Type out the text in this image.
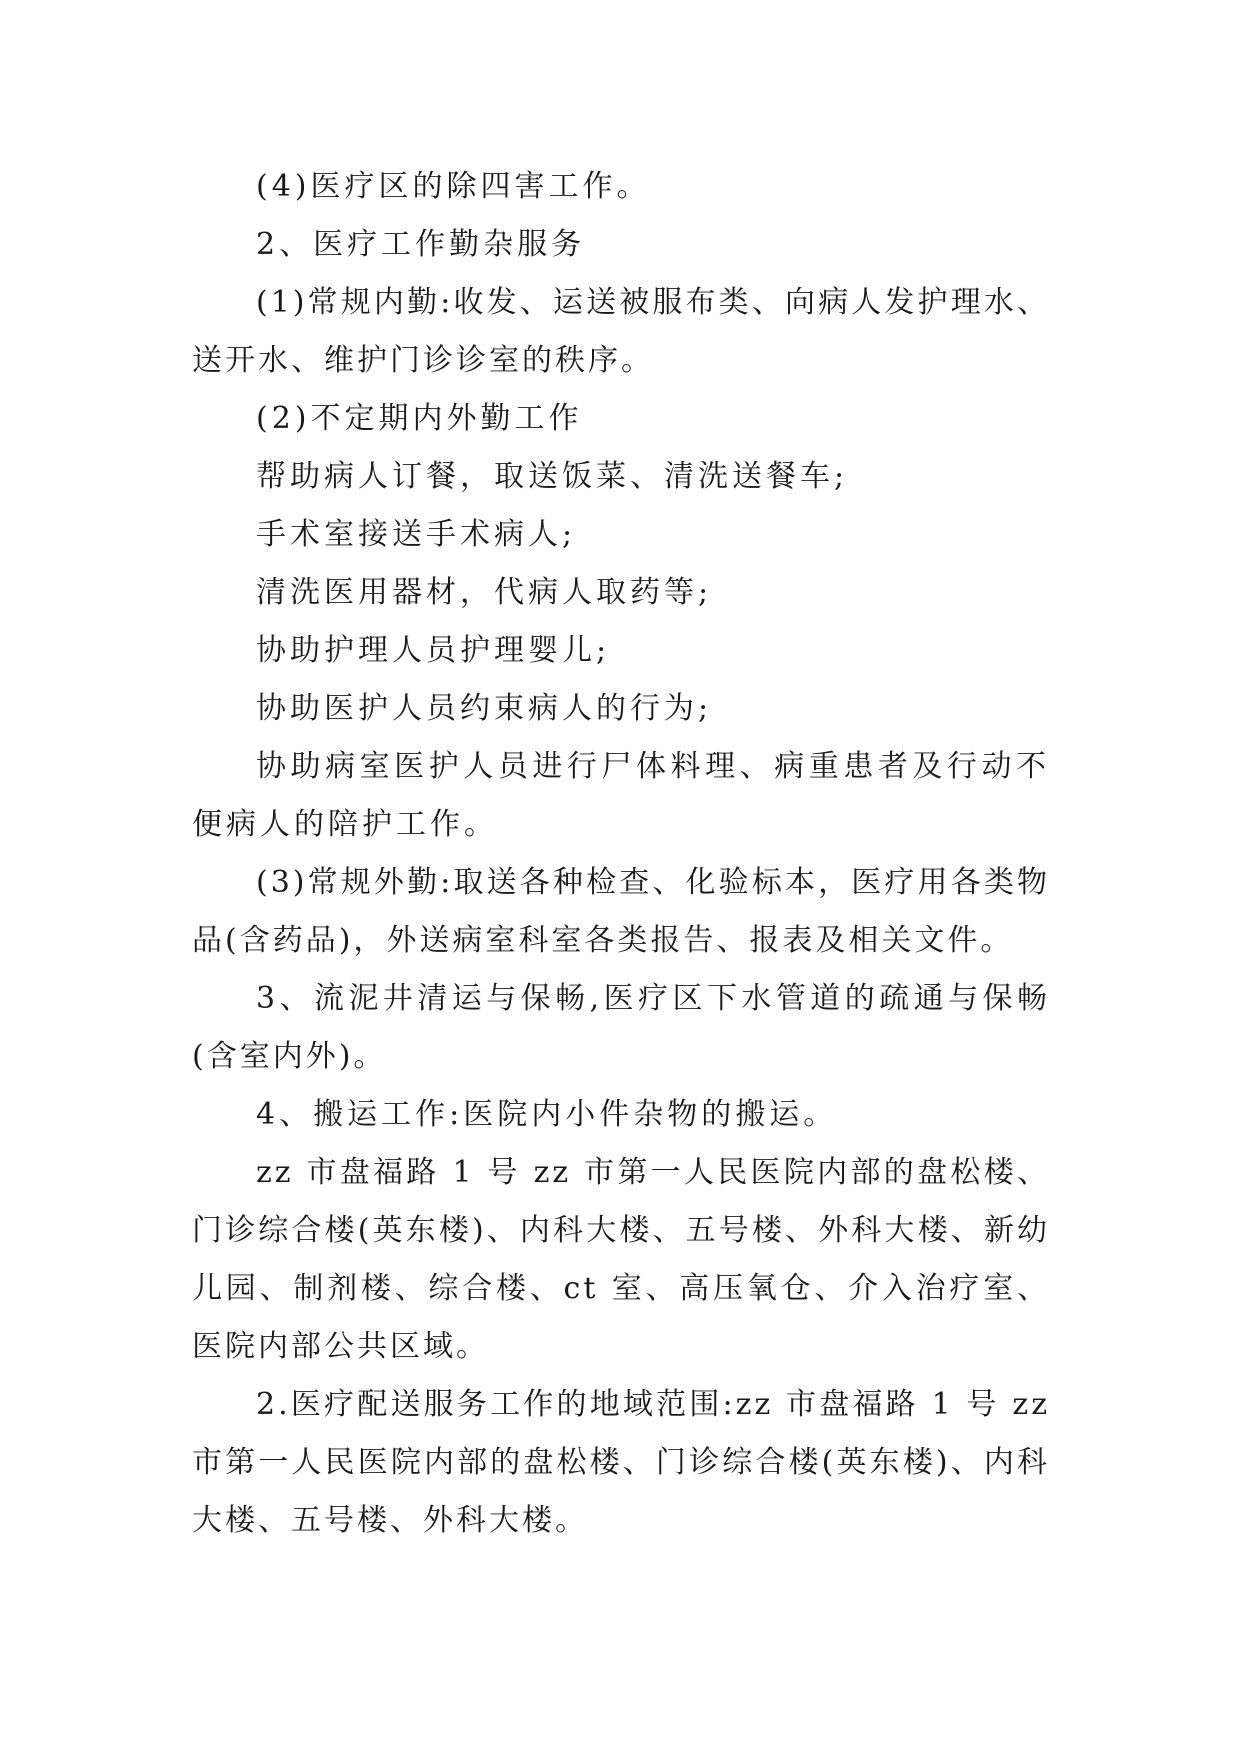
(4)医疗区的除四害工作。

2、医疗工作勤杂服务

(1)常规内勤:收发、运送被服布类、向病人发护理水、送开水、维护门诊诊室的秩序。

(2)不定期内外勤工作

帮助病人订餐，取送饭菜、清洗送餐车;

手术室接送手术病人;

清洗医用器材，代病人取药等;

协助护理人员护理婴儿;

协助医护人员约束病人的行为;

协助病室医护人员进行尸体料理、病重患者及行动不便病人的陪护工作。

(3)常规外勤:取送各种检查、化验标本，医疗用各类物品(含药品)，外送病室科室各类报告、报表及相关文件。

3、流泥井清运与保畅,医疗区下水管道的疏通与保畅(含室内外)。

4、搬运工作:医院内小件杂物的搬运。

zz 市盘福路 1 号 zz 市第一人民医院内部的盘松楼、门诊综合楼(英东楼)、内科大楼、五号楼、外科大楼、新幼儿园、制剂楼、综合楼、ct 室、高压氧仓、介入治疗室、医院内部公共区域。

2.医疗配送服务工作的地域范围:zz 市盘福路 1 号 zz 市第一人民医院内部的盘松楼、门诊综合楼(英东楼)、内科大楼、五号楼、外科大楼。
